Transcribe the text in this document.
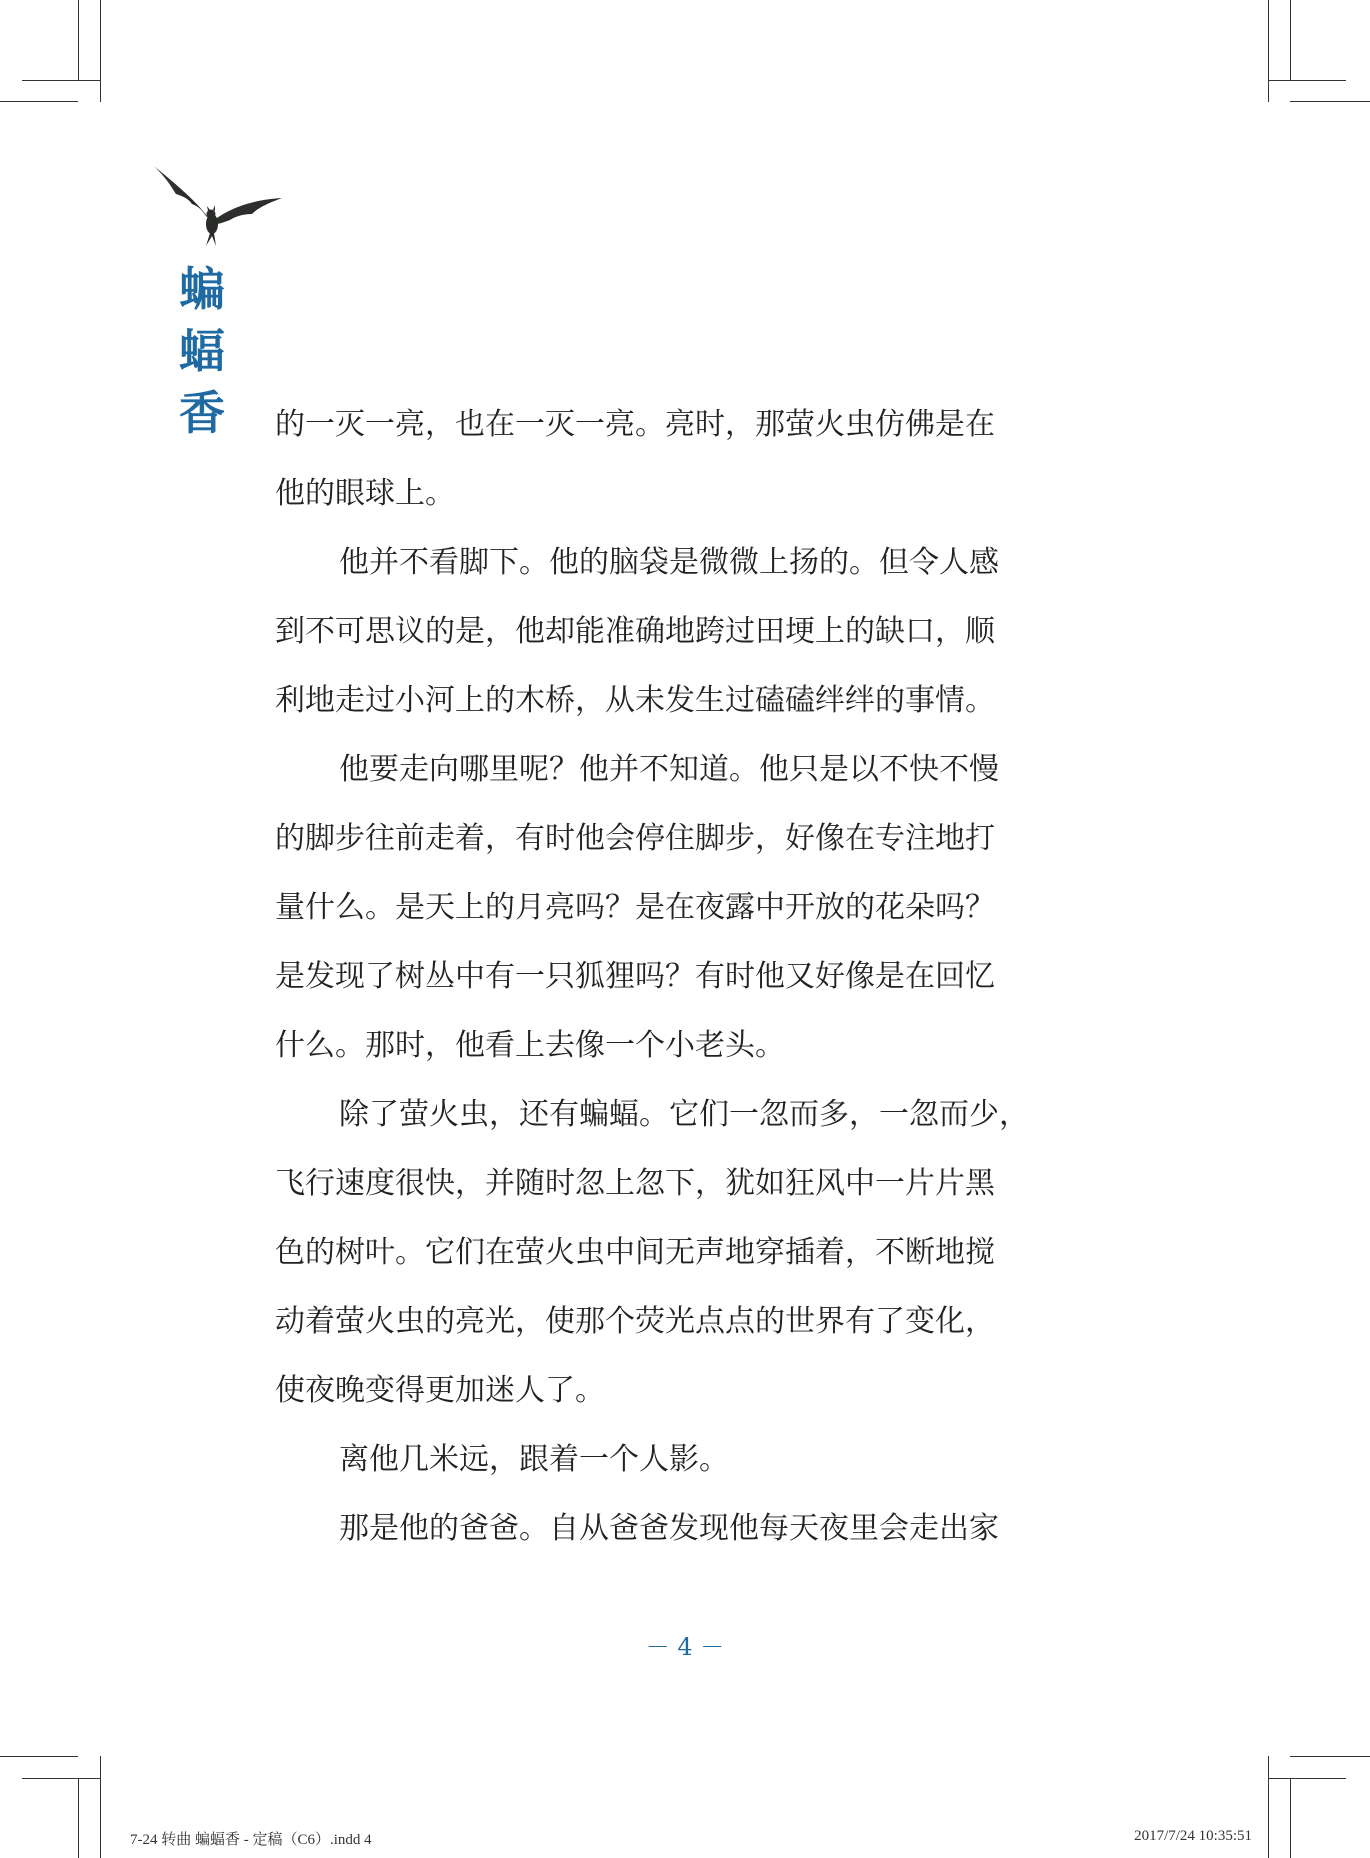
蝙
蝠
香 的一灭一亮，也在一灭一亮。亮时，那萤火虫仿佛是在
他的眼球上。
他并不看脚下。他的脑袋是微微上扬的。但令人感
到不可思议的是，他却能准确地跨过田埂上的缺口，顺
利地走过小河上的木桥，从未发生过磕磕绊绊的事情。
他要走向哪里呢？他并不知道。他只是以不快不慢
的脚步往前走着，有时他会停住脚步，好像在专注地打
量什么。是天上的月亮吗？是在夜露中开放的花朵吗？
是发现了树丛中有一只狐狸吗？有时他又好像是在回忆
什么。那时，他看上去像一个小老头。
除了萤火虫，还有蝙蝠。它们一忽而多，一忽而少，
飞行速度很快，并随时忽上忽下，犹如狂风中一片片黑
色的树叶。它们在萤火虫中间无声地穿插着，不断地搅
动着萤火虫的亮光，使那个荧光点点的世界有了变化，
使夜晚变得更加迷人了。
离他几米远，跟着一个人影。
那是他的爸爸。自从爸爸发现他每天夜里会走出家
－ 4 －
7-24 转曲 蝙蝠香 - 定稿（C6）.indd 4	2017/7/24 10:35:51
